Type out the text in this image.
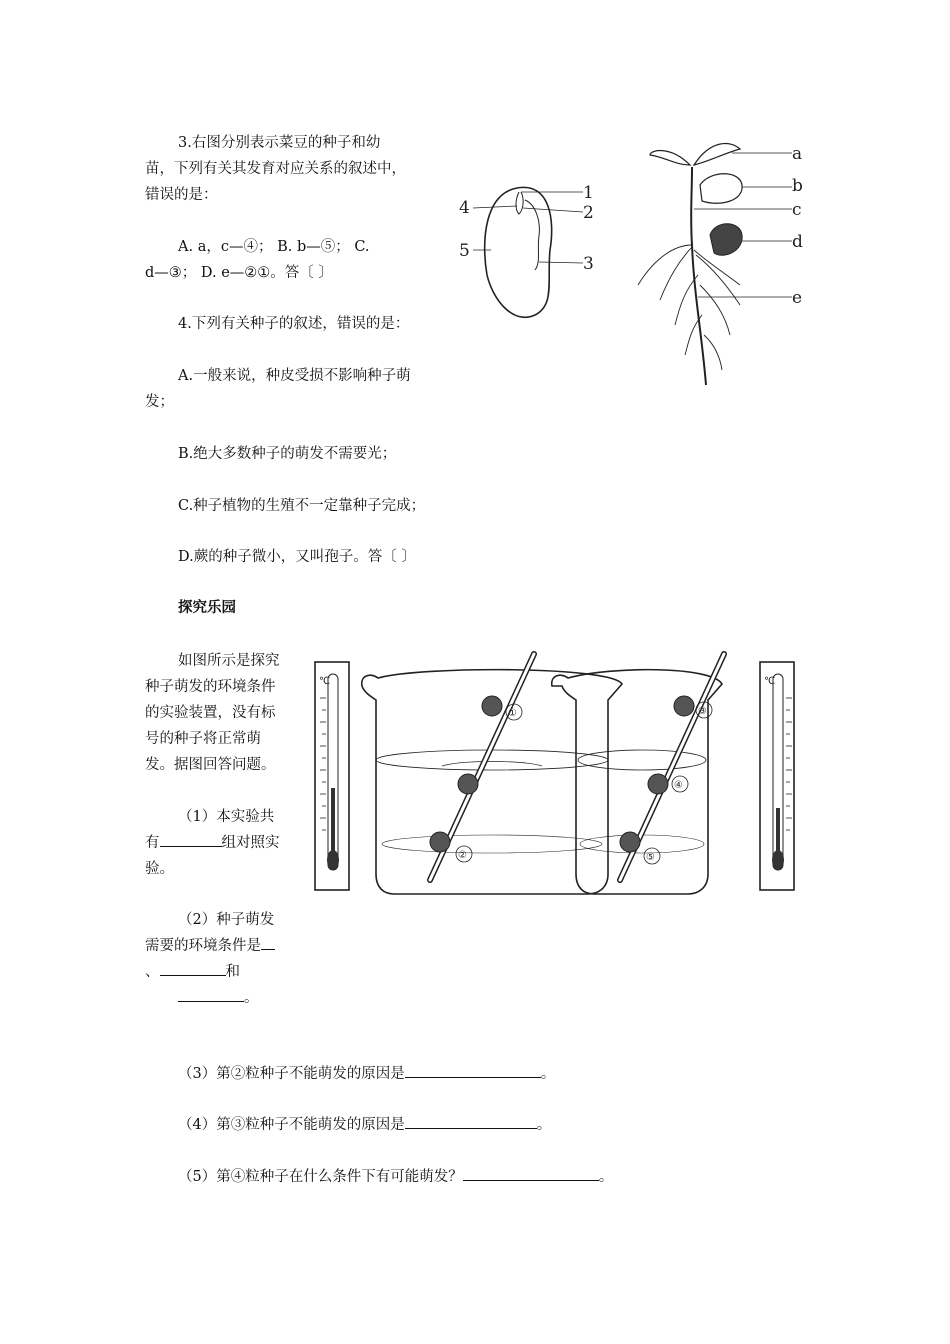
3.右图分别表示菜豆的种子和幼
苗，下列有关其发育对应关系的叙述中，
错误的是：
A. a，c—④； B. b—⑤； C.
d—③； D. e—②①。答〔 〕
1
2
3
4
5
a
b
c
d
e
4.下列有关种子的叙述，错误的是：
A.一般来说，种皮受损不影响种子萌
发；
B.绝大多数种子的萌发不需要光；
C.种子植物的生殖不一定靠种子完成；
D.蕨的种子微小，又叫孢子。答〔 〕
探究乐园
如图所示是探究
种子萌发的环境条件
的实验装置，没有标
号的种子将正常萌
发。据图回答问题。
（1）本实验共
有	组对照实
验。
（2）种子萌发
需要的环境条件是
、	和
。
（3）第②粒种子不能萌发的原因是	。
（4）第③粒种子不能萌发的原因是	。
（5）第④粒种子在什么条件下有可能萌发？	。
℃
①
②
③
④
⑤
℃
